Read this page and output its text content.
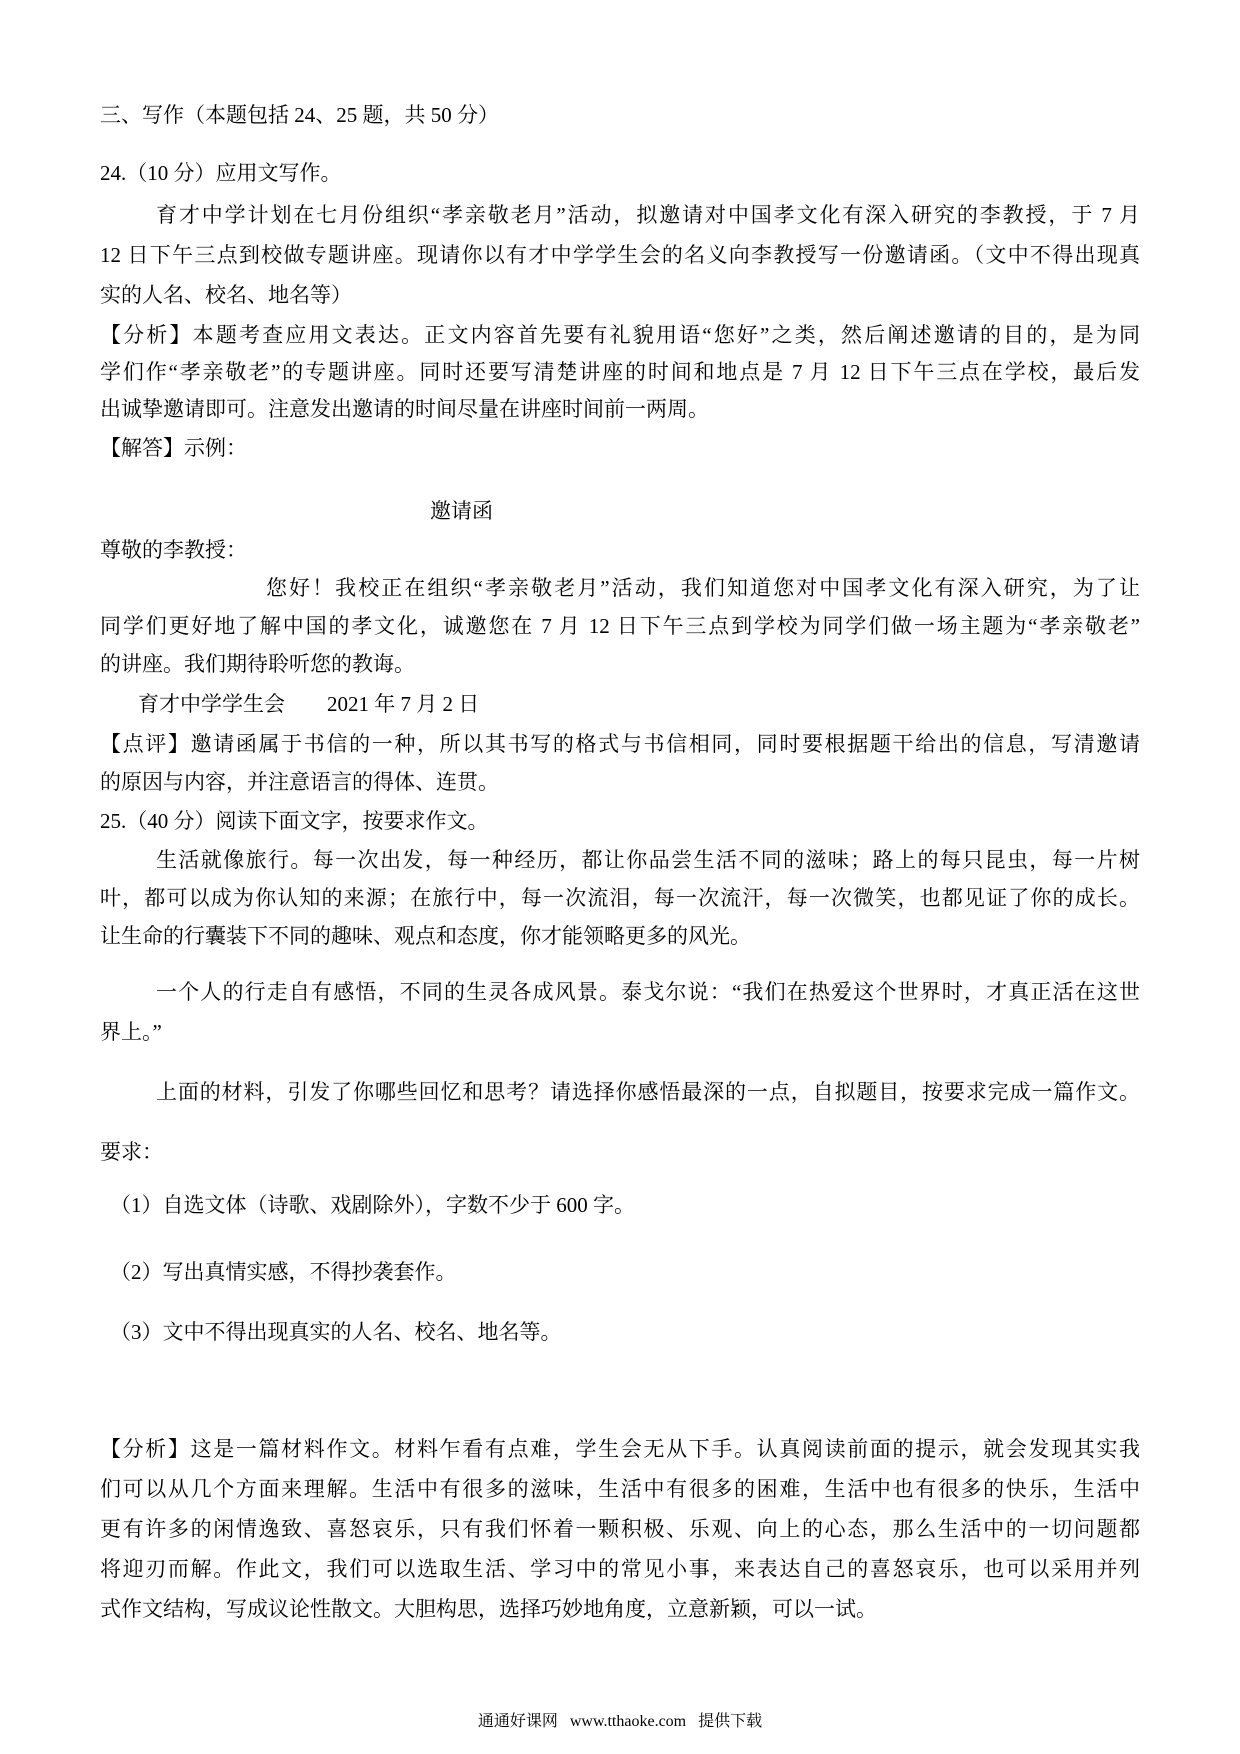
三、写作（本题包括 24、25 题，共 50 分）
24.（10 分）应用文写作。
育才中学计划在七月份组织“孝亲敬老月”活动，拟邀请对中国孝文化有深入研究的李教授，于 7 月
12 日下午三点到校做专题讲座。现请你以有才中学学生会的名义向李教授写一份邀请函。（文中不得出现真
实的人名、校名、地名等）
【分析】本题考查应用文表达。正文内容首先要有礼貌用语“您好”之类，然后阐述邀请的目的，是为同
学们作“孝亲敬老”的专题讲座。同时还要写清楚讲座的时间和地点是 7 月 12 日下午三点在学校，最后发
出诚挚邀请即可。注意发出邀请的时间尽量在讲座时间前一两周。
【解答】示例：
邀请函
尊敬的李教授：
您好！我校正在组织“孝亲敬老月”活动，我们知道您对中国孝文化有深入研究，为了让
同学们更好地了解中国的孝文化，诚邀您在 7 月 12 日下午三点到学校为同学们做一场主题为“孝亲敬老”
的讲座。我们期待聆听您的教诲。
育才中学学生会　　2021 年 7 月 2 日
【点评】邀请函属于书信的一种，所以其书写的格式与书信相同，同时要根据题干给出的信息，写清邀请
的原因与内容，并注意语言的得体、连贯。
25.（40 分）阅读下面文字，按要求作文。
生活就像旅行。每一次出发，每一种经历，都让你品尝生活不同的滋味；路上的每只昆虫，每一片树
叶，都可以成为你认知的来源；在旅行中，每一次流泪，每一次流汗，每一次微笑，也都见证了你的成长。
让生命的行囊装下不同的趣味、观点和态度，你才能领略更多的风光。
一个人的行走自有感悟，不同的生灵各成风景。泰戈尔说：“我们在热爱这个世界时，才真正活在这世
界上。”
上面的材料，引发了你哪些回忆和思考？请选择你感悟最深的一点，自拟题目，按要求完成一篇作文。
要求：
（1）自选文体（诗歌、戏剧除外），字数不少于 600 字。
（2）写出真情实感，不得抄袭套作。
（3）文中不得出现真实的人名、校名、地名等。
【分析】这是一篇材料作文。材料乍看有点难，学生会无从下手。认真阅读前面的提示，就会发现其实我
们可以从几个方面来理解。生活中有很多的滋味，生活中有很多的困难，生活中也有很多的快乐，生活中
更有许多的闲情逸致、喜怒哀乐，只有我们怀着一颗积极、乐观、向上的心态，那么生活中的一切问题都
将迎刃而解。作此文，我们可以选取生活、学习中的常见小事，来表达自己的喜怒哀乐，也可以采用并列
式作文结构，写成议论性散文。大胆构思，选择巧妙地角度，立意新颖，可以一试。
通通好课网 www.tthaoke.com 提供下载
